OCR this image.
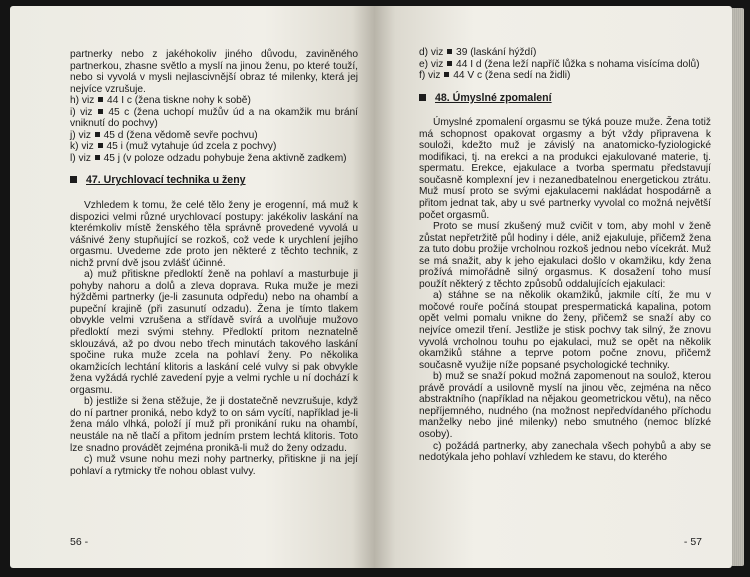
partnerky nebo z jakéhokoliv jiného důvodu, zaviněného partnerkou, zhasne světlo a myslí na jinou ženu, po které touží, nebo si vyvolá v mysli nejlascivnější obraz té milenky, která jej nejvíce vzrušuje.

h) viz 44 I c (žena tiskne nohy k sobě)

i) viz 45 c (žena uchopí mužův úd a na okamžik mu brání vniknutí do pochvy)

j) viz 45 d (žena vědomě sevře pochvu)

k) viz 45 i (muž vytahuje úd zcela z pochvy)

l) viz 45 j (v poloze odzadu pohybuje žena aktivně zadkem)

47. Urychlovací technika u ženy

Vzhledem k tomu, že celé tělo ženy je erogenní, má muž k dispozici velmi různé urychlovací postupy: jakékoliv laskání na kterémkoliv místě ženského těla správně provedené vyvolá u vášnivé ženy stupňující se rozkoš, což vede k urychlení jejího orgasmu. Uvedeme zde proto jen některé z těchto technik, z nichž první dvě jsou zvlášť účinné.

a) muž přitiskne předloktí ženě na pohlaví a masturbuje ji pohyby nahoru a dolů a zleva doprava. Ruka muže je mezi hýžděmi partnerky (je-li zasunuta odpředu) nebo na ohambí a pupeční krajině (při zasunutí odzadu). Žena je tímto tlakem obvykle velmi vzrušena a střídavě svírá a uvolňuje mužovo předloktí mezi svými stehny. Předloktí pritom neznatelně sklouzává, až po dvou nebo třech minutách takového laskání spočine ruka muže zcela na pohlaví ženy. Po několika okamžicích lechtání klitoris a laskání celé vulvy si pak obvykle žena vyžádá rychlé zavedení pyje a velmi rychle u ní dochází k orgasmu.

b) jestliže si žena stěžuje, že ji dostatečně nevzrušuje, když do ní partner proniká, nebo když to on sám vycítí, například je-li žena málo vlhká, položí jí muž při pronikání ruku na ohambí, neustále na ně tlačí a přitom jedním prstem lechtá klitoris. Toto lze snadno provádět zejména pronikā-li muž do ženy odzadu.

c) muž vsune nohu mezi nohy partnerky, přitiskne ji na její pohlaví a rytmicky tře nohou oblast vulvy.

56 -

d) viz 39 (laskání hýždí)

e) viz 44 I d (žena leží napříč lůžka s nohama visícíma dolů)

f) viz 44 V c (žena sedí na židli)

48. Úmyslné zpomalení

Úmyslné zpomalení orgasmu se týká pouze muže. Žena totiž má schopnost opakovat orgasmy a být vždy připravena k souloži, kdežto muž je závislý na anatomicko-fyziologické modifikaci, tj. na erekci a na produkci ejakulované materie, tj. spermatu. Erekce, ejakulace a tvorba spermatu představují současně komplexní jev i nezanedbatelnou energetickou ztrátu. Muž musí proto se svými ejakulacemi nakládat hospodárně a přitom jednat tak, aby u své partnerky vyvolal co možná největší počet orgasmů.

Proto se musí zkušený muž cvičit v tom, aby mohl v ženě zůstat nepřetržitě půl hodiny i déle, aniž ejakuluje, přičemž žena za tuto dobu prožije vrcholnou rozkoš jednou nebo vícekrát. Muž se má snažit, aby k jeho ejakulaci došlo v okamžiku, kdy žena prožívá mimořádně silný orgasmus. K dosažení toho musí použít některý z těchto způsobů oddalujících ejakulaci:

a) stáhne se na několik okamžiků, jakmile cítí, že mu v močové rouře počíná stoupat prespermatická kapalina, potom opět velmi pomalu vnikne do ženy, přičemž se snaží aby co nejvíce omezil tření. Jestliže je stisk pochvy tak silný, že znovu vyvolá vrcholnou touhu po ejakulaci, muž se opět na několik okamžiků stáhne a teprve potom počne znovu, přičemž současně využije níže popsané psychologické techniky.

b) muž se snaží pokud možná zapomenout na soulož, kterou právě provádí a usilovně myslí na jinou věc, zejména na něco abstraktního (například na nějakou geometrickou větu), na něco nepříjemného, nudného (na možnost nepředvídaného příchodu manželky nebo jiné milenky) nebo smutného (nemoc blízké osoby).

c) požádá partnerky, aby zanechala všech pohybů a aby se nedotýkala jeho pohlaví vzhledem ke stavu, do kterého

- 57
